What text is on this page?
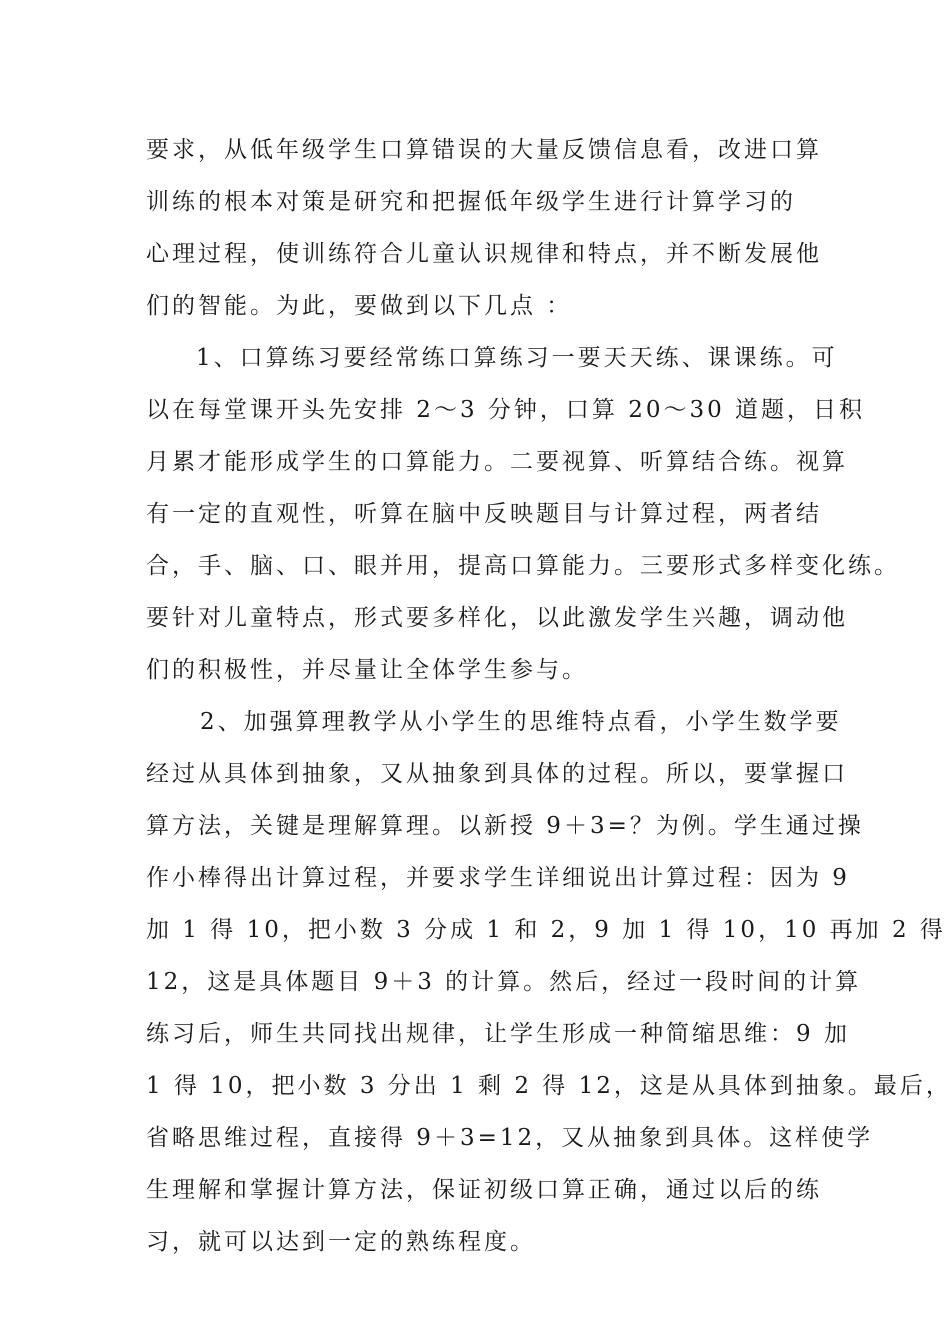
要求，从低年级学生口算错误的大量反馈信息看，改进口算
训练的根本对策是研究和把握低年级学生进行计算学习的
心理过程，使训练符合儿童认识规律和特点，并不断发展他
们的智能。为此，要做到以下几点 ：
1、口算练习要经常练口算练习一要天天练、课课练。可
以在每堂课开头先安排 2～3 分钟，口算 20～30 道题，日积
月累才能形成学生的口算能力。二要视算、听算结合练。视算
有一定的直观性，听算在脑中反映题目与计算过程，两者结
合，手、脑、口、眼并用，提高口算能力。三要形式多样变化练。
要针对儿童特点，形式要多样化，以此激发学生兴趣，调动他
们的积极性，并尽量让全体学生参与。
2、加强算理教学从小学生的思维特点看，小学生数学要
经过从具体到抽象，又从抽象到具体的过程。所以，要掌握口
算方法，关键是理解算理。以新授 9＋3=？为例。学生通过操
作小棒得出计算过程，并要求学生详细说出计算过程：因为 9
加 1 得 10，把小数 3 分成 1 和 2，9 加 1 得 10，10 再加 2 得
12，这是具体题目 9＋3 的计算。然后，经过一段时间的计算
练习后，师生共同找出规律，让学生形成一种简缩思维：9 加
1 得 10，把小数 3 分出 1 剩 2 得 12，这是从具体到抽象。最后，
省略思维过程，直接得 9＋3=12，又从抽象到具体。这样使学
生理解和掌握计算方法，保证初级口算正确，通过以后的练
习，就可以达到一定的熟练程度。
